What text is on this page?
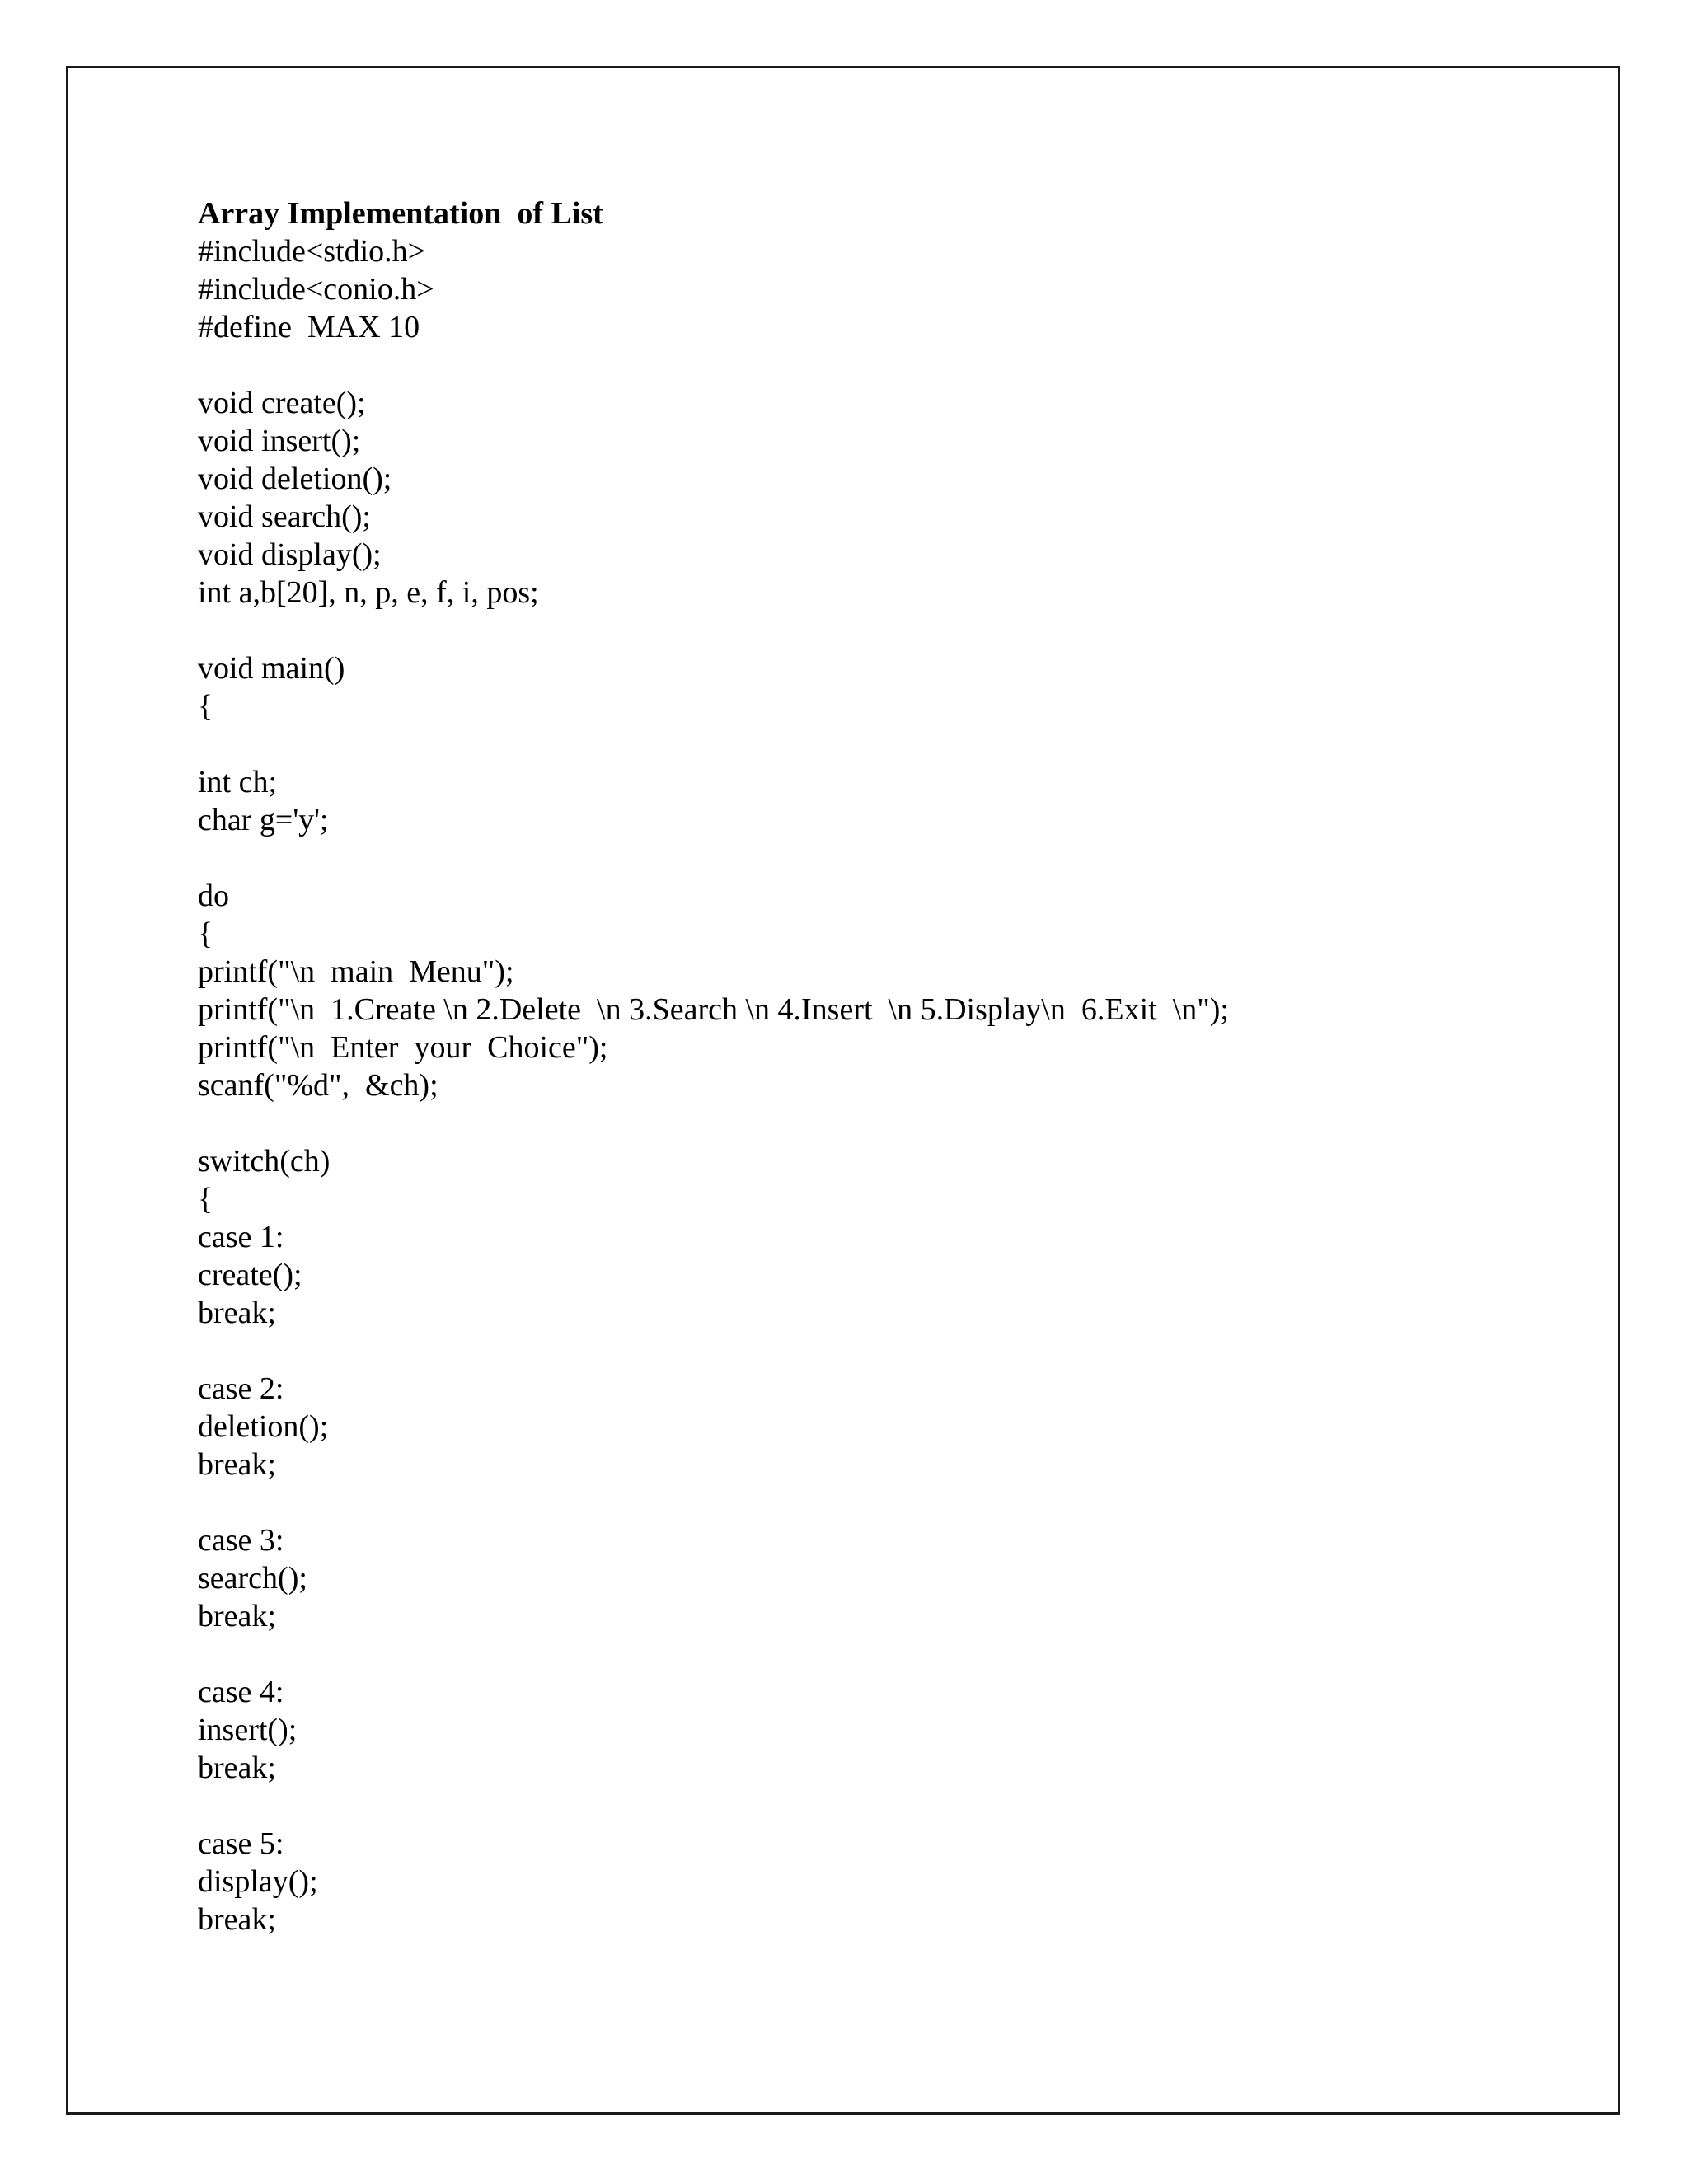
Array Implementation  of List
#include<stdio.h>
#include<conio.h>
#define  MAX 10
void create();
void insert();
void deletion();
void search();
void display();
int a,b[20], n, p, e, f, i, pos;
void main()
{
int ch;
char g='y';
do
{
printf("\n  main  Menu");
printf("\n  1.Create \n 2.Delete  \n 3.Search \n 4.Insert  \n 5.Display\n  6.Exit  \n");
printf("\n  Enter  your  Choice");
scanf("%d",  &ch);
switch(ch)
{
case 1:
create();
break;
case 2:
deletion();
break;
case 3:
search();
break;
case 4:
insert();
break;
case 5:
display();
break;
